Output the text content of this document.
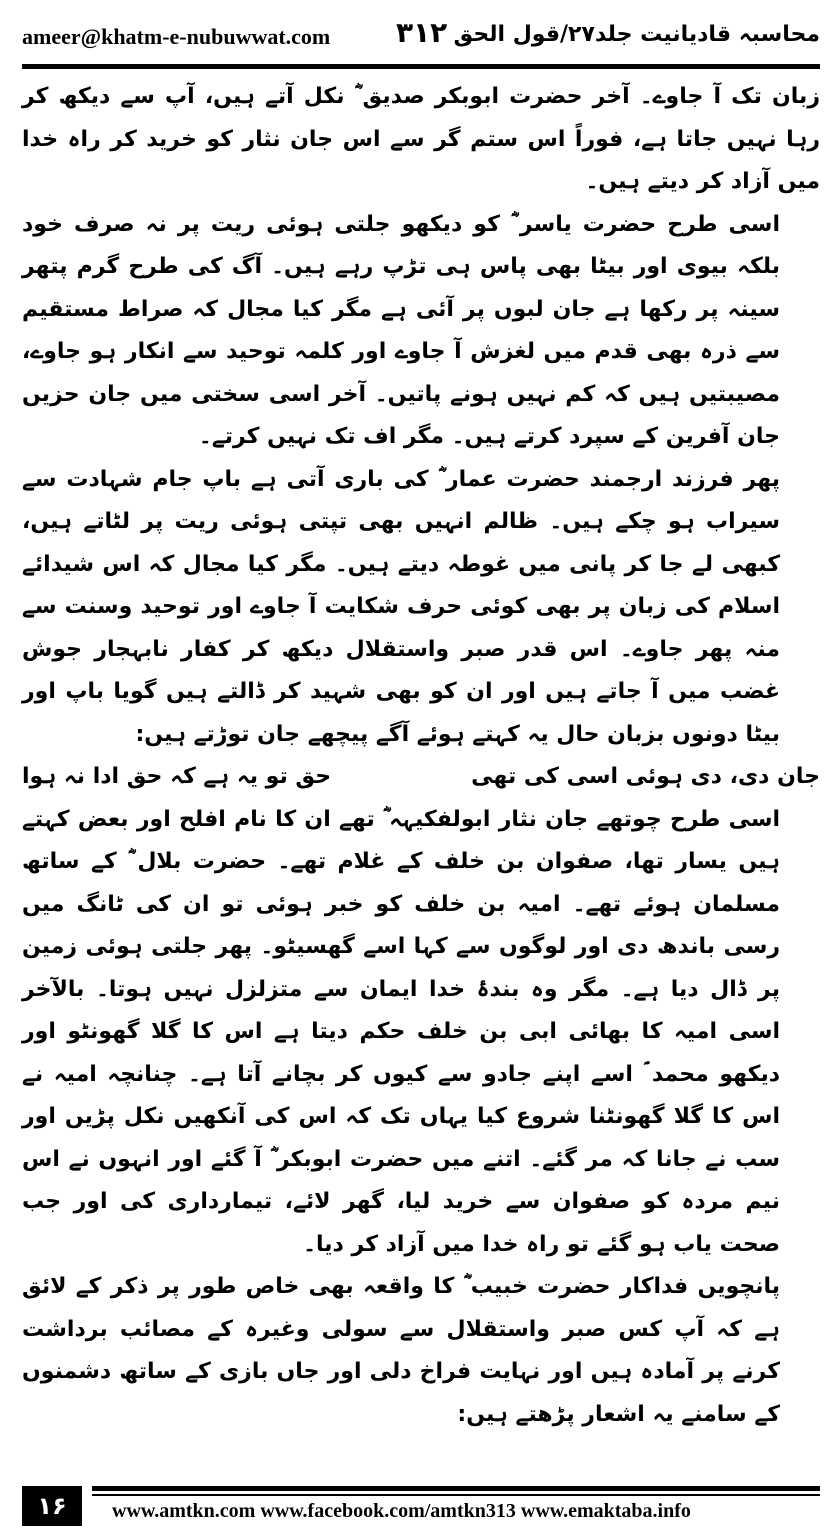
ameer@khatm-e-nubuwwat.com ۳۱۲ محاسبہ قادیانیت جلد۲۷/قول الحق

زبان تک آ جاوے۔ آخر حضرت ابوبکر صدیق ؓ نکل آتے ہیں، آپ سے دیکھ کر رہا نہیں جاتا ہے، فوراً اس ستم گر سے اس جان نثار کو خرید کر راہ خدا میں آزاد کر دیتے ہیں۔

اسی طرح حضرت یاسر ؓ کو دیکھو جلتی ہوئی ریت پر نہ صرف خود بلکہ بیوی اور بیٹا بھی پاس ہی تڑپ رہے ہیں۔ آگ کی طرح گرم پتھر سینہ پر رکھا ہے جان لبوں پر آئی ہے مگر کیا مجال کہ صراط مستقیم سے ذرہ بھی قدم میں لغزش آ جاوے اور کلمہ توحید سے انکار ہو جاوے، مصیبتیں ہیں کہ کم نہیں ہونے پاتیں۔ آخر اسی سختی میں جان حزیں جان آفرین کے سپرد کرتے ہیں۔ مگر اف تک نہیں کرتے۔

پھر فرزند ارجمند حضرت عمار ؓ کی باری آتی ہے باپ جام شہادت سے سیراب ہو چکے ہیں۔ ظالم انہیں بھی تپتی ہوئی ریت پر لٹاتے ہیں، کبھی لے جا کر پانی میں غوطہ دیتے ہیں۔ مگر کیا مجال کہ اس شیدائے اسلام کی زبان پر بھی کوئی حرف شکایت آ جاوے اور توحید وسنت سے منہ پھر جاوے۔ اس قدر صبر واستقلال دیکھ کر کفار نابہجار جوش غضب میں آ جاتے ہیں اور ان کو بھی شہید کر ڈالتے ہیں گویا باپ اور بیٹا دونوں بزبان حال یہ کہتے ہوئے آگے پیچھے جان توڑتے ہیں:

جان دی، دی ہوئی اسی کی تھی
حق تو یہ ہے کہ حق ادا نہ ہوا

اسی طرح چوتھے جان نثار ابولفکیہہ ؓ تھے ان کا نام افلح اور بعض کہتے ہیں یسار تھا، صفوان بن خلف کے غلام تھے۔ حضرت بلال ؓ کے ساتھ مسلمان ہوئے تھے۔ امیہ بن خلف کو خبر ہوئی تو ان کی ٹانگ میں رسی باندھ دی اور لوگوں سے کہا اسے گھسیٹو۔ پھر جلتی ہوئی زمین پر ڈال دیا ہے۔ مگر وہ بندۂ خدا ایمان سے متزلزل نہیں ہوتا۔ بالآخر اسی امیہ کا بھائی ابی بن خلف حکم دیتا ہے اس کا گلا گھونٹو اور دیکھو محمد ؐ اسے اپنے جادو سے کیوں کر بچانے آتا ہے۔ چنانچہ امیہ نے اس کا گلا گھونٹنا شروع کیا یہاں تک کہ اس کی آنکھیں نکل پڑیں اور سب نے جانا کہ مر گئے۔ اتنے میں حضرت ابوبکر ؓ آ گئے اور انہوں نے اس نیم مردہ کو صفوان سے خرید لیا، گھر لائے، تیمارداری کی اور جب صحت یاب ہو گئے تو راہ خدا میں آزاد کر دیا۔

پانچویں فداکار حضرت خبیب ؓ کا واقعہ بھی خاص طور پر ذکر کے لائق ہے کہ آپ کس صبر واستقلال سے سولی وغیرہ کے مصائب برداشت کرنے پر آمادہ ہیں اور نہایت فراخ دلی اور جاں بازی کے ساتھ دشمنوں کے سامنے یہ اشعار پڑھتے ہیں:

۱۶	www.amtkn.com www.facebook.com/amtkn313 www.emaktaba.info
